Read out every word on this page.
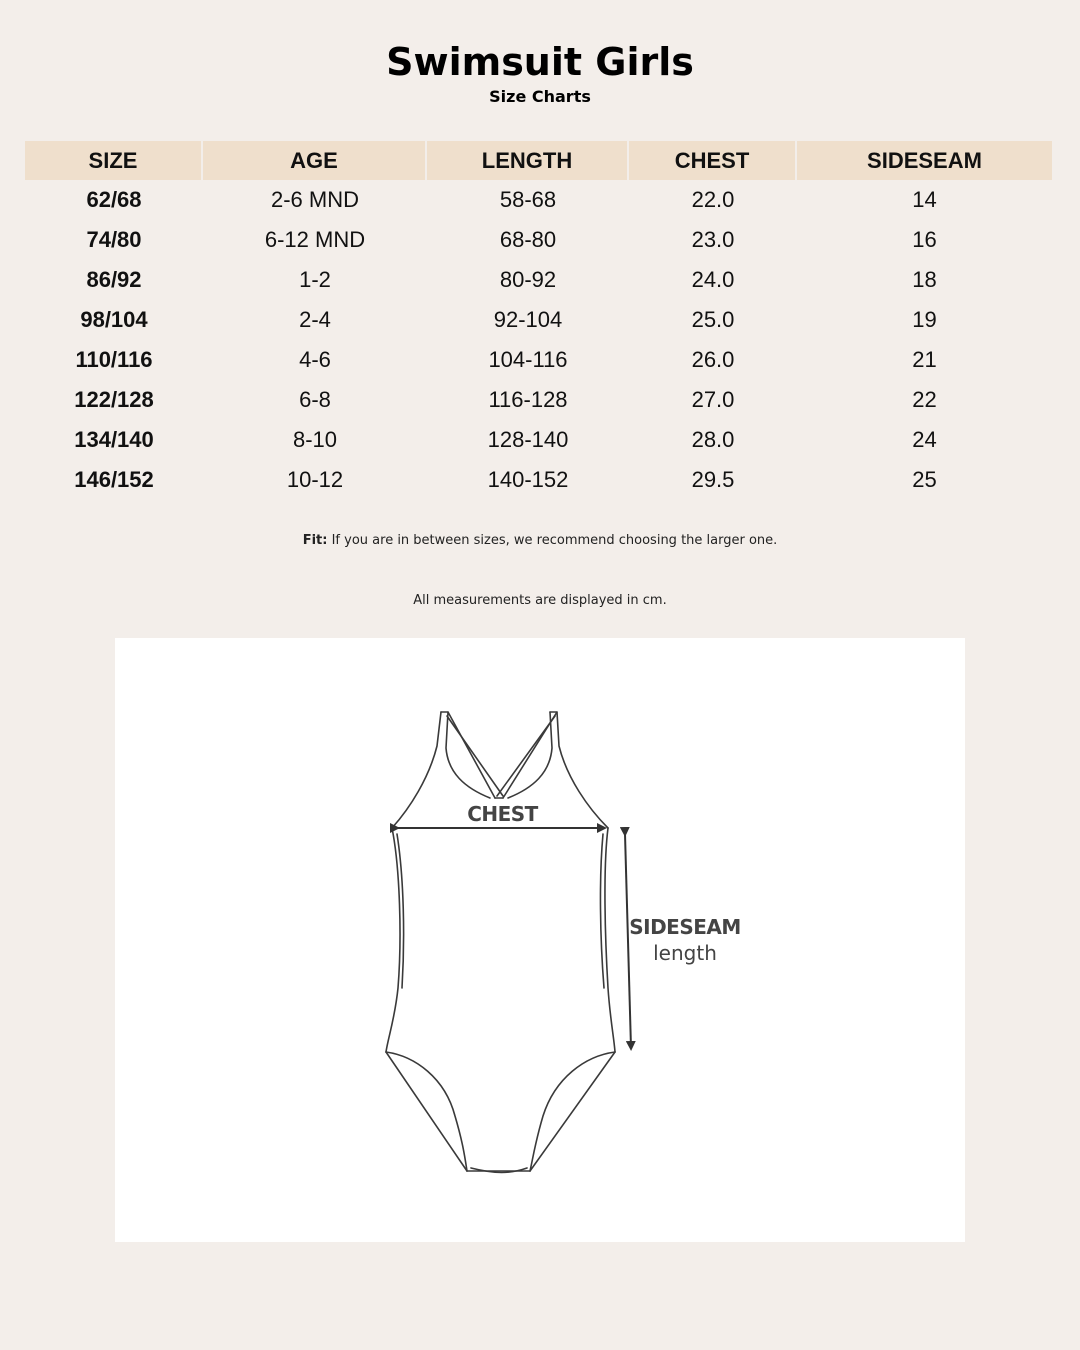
Swimsuit Girls
Size Charts
SIZE	AGE	LENGTH	CHEST	SIDESEAM
62/68	2-6 MND	58-68	22.0	14
74/80	6-12 MND	68-80	23.0	16
86/92	1-2	80-92	24.0	18
98/104	2-4	92-104	25.0	19
110/116	4-6	104-116	26.0	21
122/128	6-8	116-128	27.0	22
134/140	8-10	128-140	28.0	24
146/152	10-12	140-152	29.5	25
Fit: If you are in between sizes, we recommend choosing the larger one.
All measurements are displayed in cm.
CHEST
SIDESEAM
length
